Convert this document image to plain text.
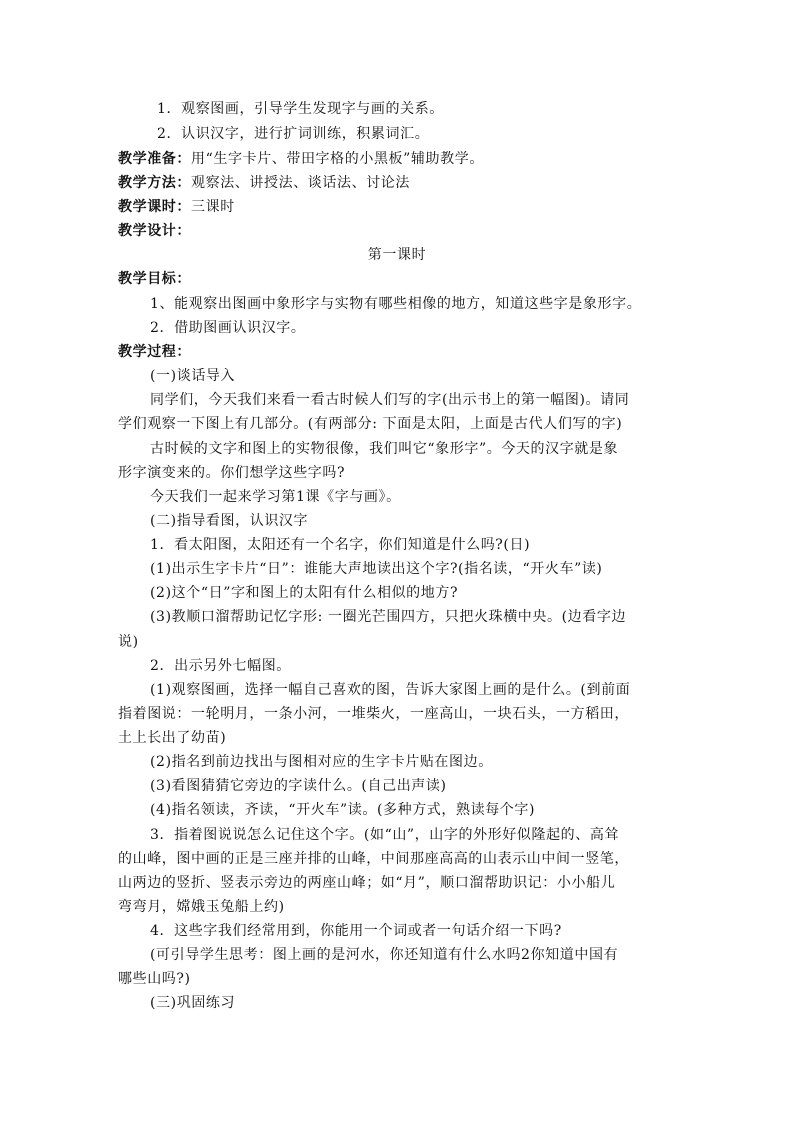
1．观察图画，引导学生发现字与画的关系。
2．认识汉字，进行扩词训练，积累词汇。
教学准备：用“生字卡片、带田字格的小黑板”辅助教学。
教学方法：观察法、讲授法、谈话法、讨论法
教学课时：三课时
教学设计：
第一课时
教学目标：
1、能观察出图画中象形字与实物有哪些相像的地方，知道这些字是象形字。
2．借助图画认识汉字。
教学过程：
(一)谈话导入
同学们，今天我们来看一看古时候人们写的字(出示书上的第一幅图)。请同
学们观察一下图上有几部分。(有两部分: 下面是太阳，上面是古代人们写的字)
古时候的文字和图上的实物很像，我们叫它“象形字”。今天的汉字就是象
形字演变来的。你们想学这些字吗?
今天我们一起来学习第1课《字与画》。
(二)指导看图，认识汉字
1．看太阳图，太阳还有一个名字，你们知道是什么吗?(日)
(1)出示生字卡片“日”：谁能大声地读出这个字?(指名读，“开火车”读)
(2)这个“日”字和图上的太阳有什么相似的地方?
(3)教顺口溜帮助记忆字形: 一圈光芒围四方，只把火珠横中央。(边看字边
说)
2．出示另外七幅图。
(1)观察图画，选择一幅自己喜欢的图，告诉大家图上画的是什么。(到前面
指着图说：一轮明月，一条小河，一堆柴火，一座高山，一块石头，一方稻田，
土上长出了幼苗)
(2)指名到前边找出与图相对应的生字卡片贴在图边。
(3)看图猜猜它旁边的字读什么。(自己出声读)
(4)指名领读，齐读，“开火车”读。(多种方式，熟读每个字)
3．指着图说说怎么记住这个字。(如“山”，山字的外形好似隆起的、高耸
的山峰，图中画的正是三座并排的山峰，中间那座高高的山表示山中间一竖笔，
山两边的竖折、竖表示旁边的两座山峰；如“月”，顺口溜帮助识记：小小船儿
弯弯月，嫦娥玉兔船上约)
4．这些字我们经常用到，你能用一个词或者一句话介绍一下吗?
(可引导学生思考：图上画的是河水，你还知道有什么水吗2你知道中国有
哪些山吗?)
(三)巩固练习
